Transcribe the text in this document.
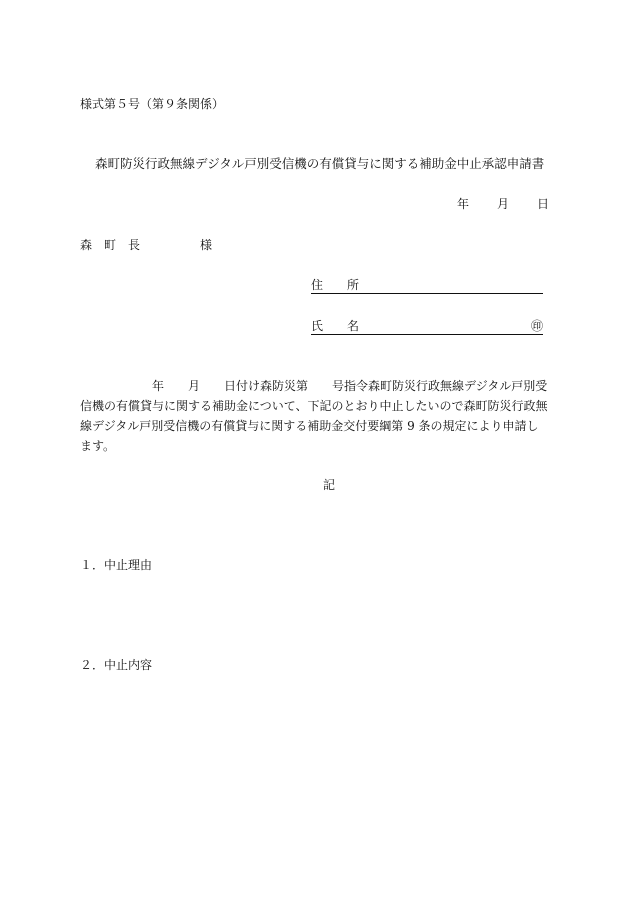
様式第５号（第９条関係）
森町防災行政無線デジタル戸別受信機の有償貸与に関する補助金中止承認申請書
年 月 日
森　町　長　　　　　様
住　　所
氏　　名	㊞

　　　　　　年　　月　　日付け森防災第　　号指令森町防災行政無線デジタル戸別受

信機の有償貸与に関する補助金について、下記のとおり中止したいので森町防災行政無

線デジタル戸別受信機の有償貸与に関する補助金交付要綱第 9 条の規定により申請し

ます。

記
１．中止理由
２．中止内容
